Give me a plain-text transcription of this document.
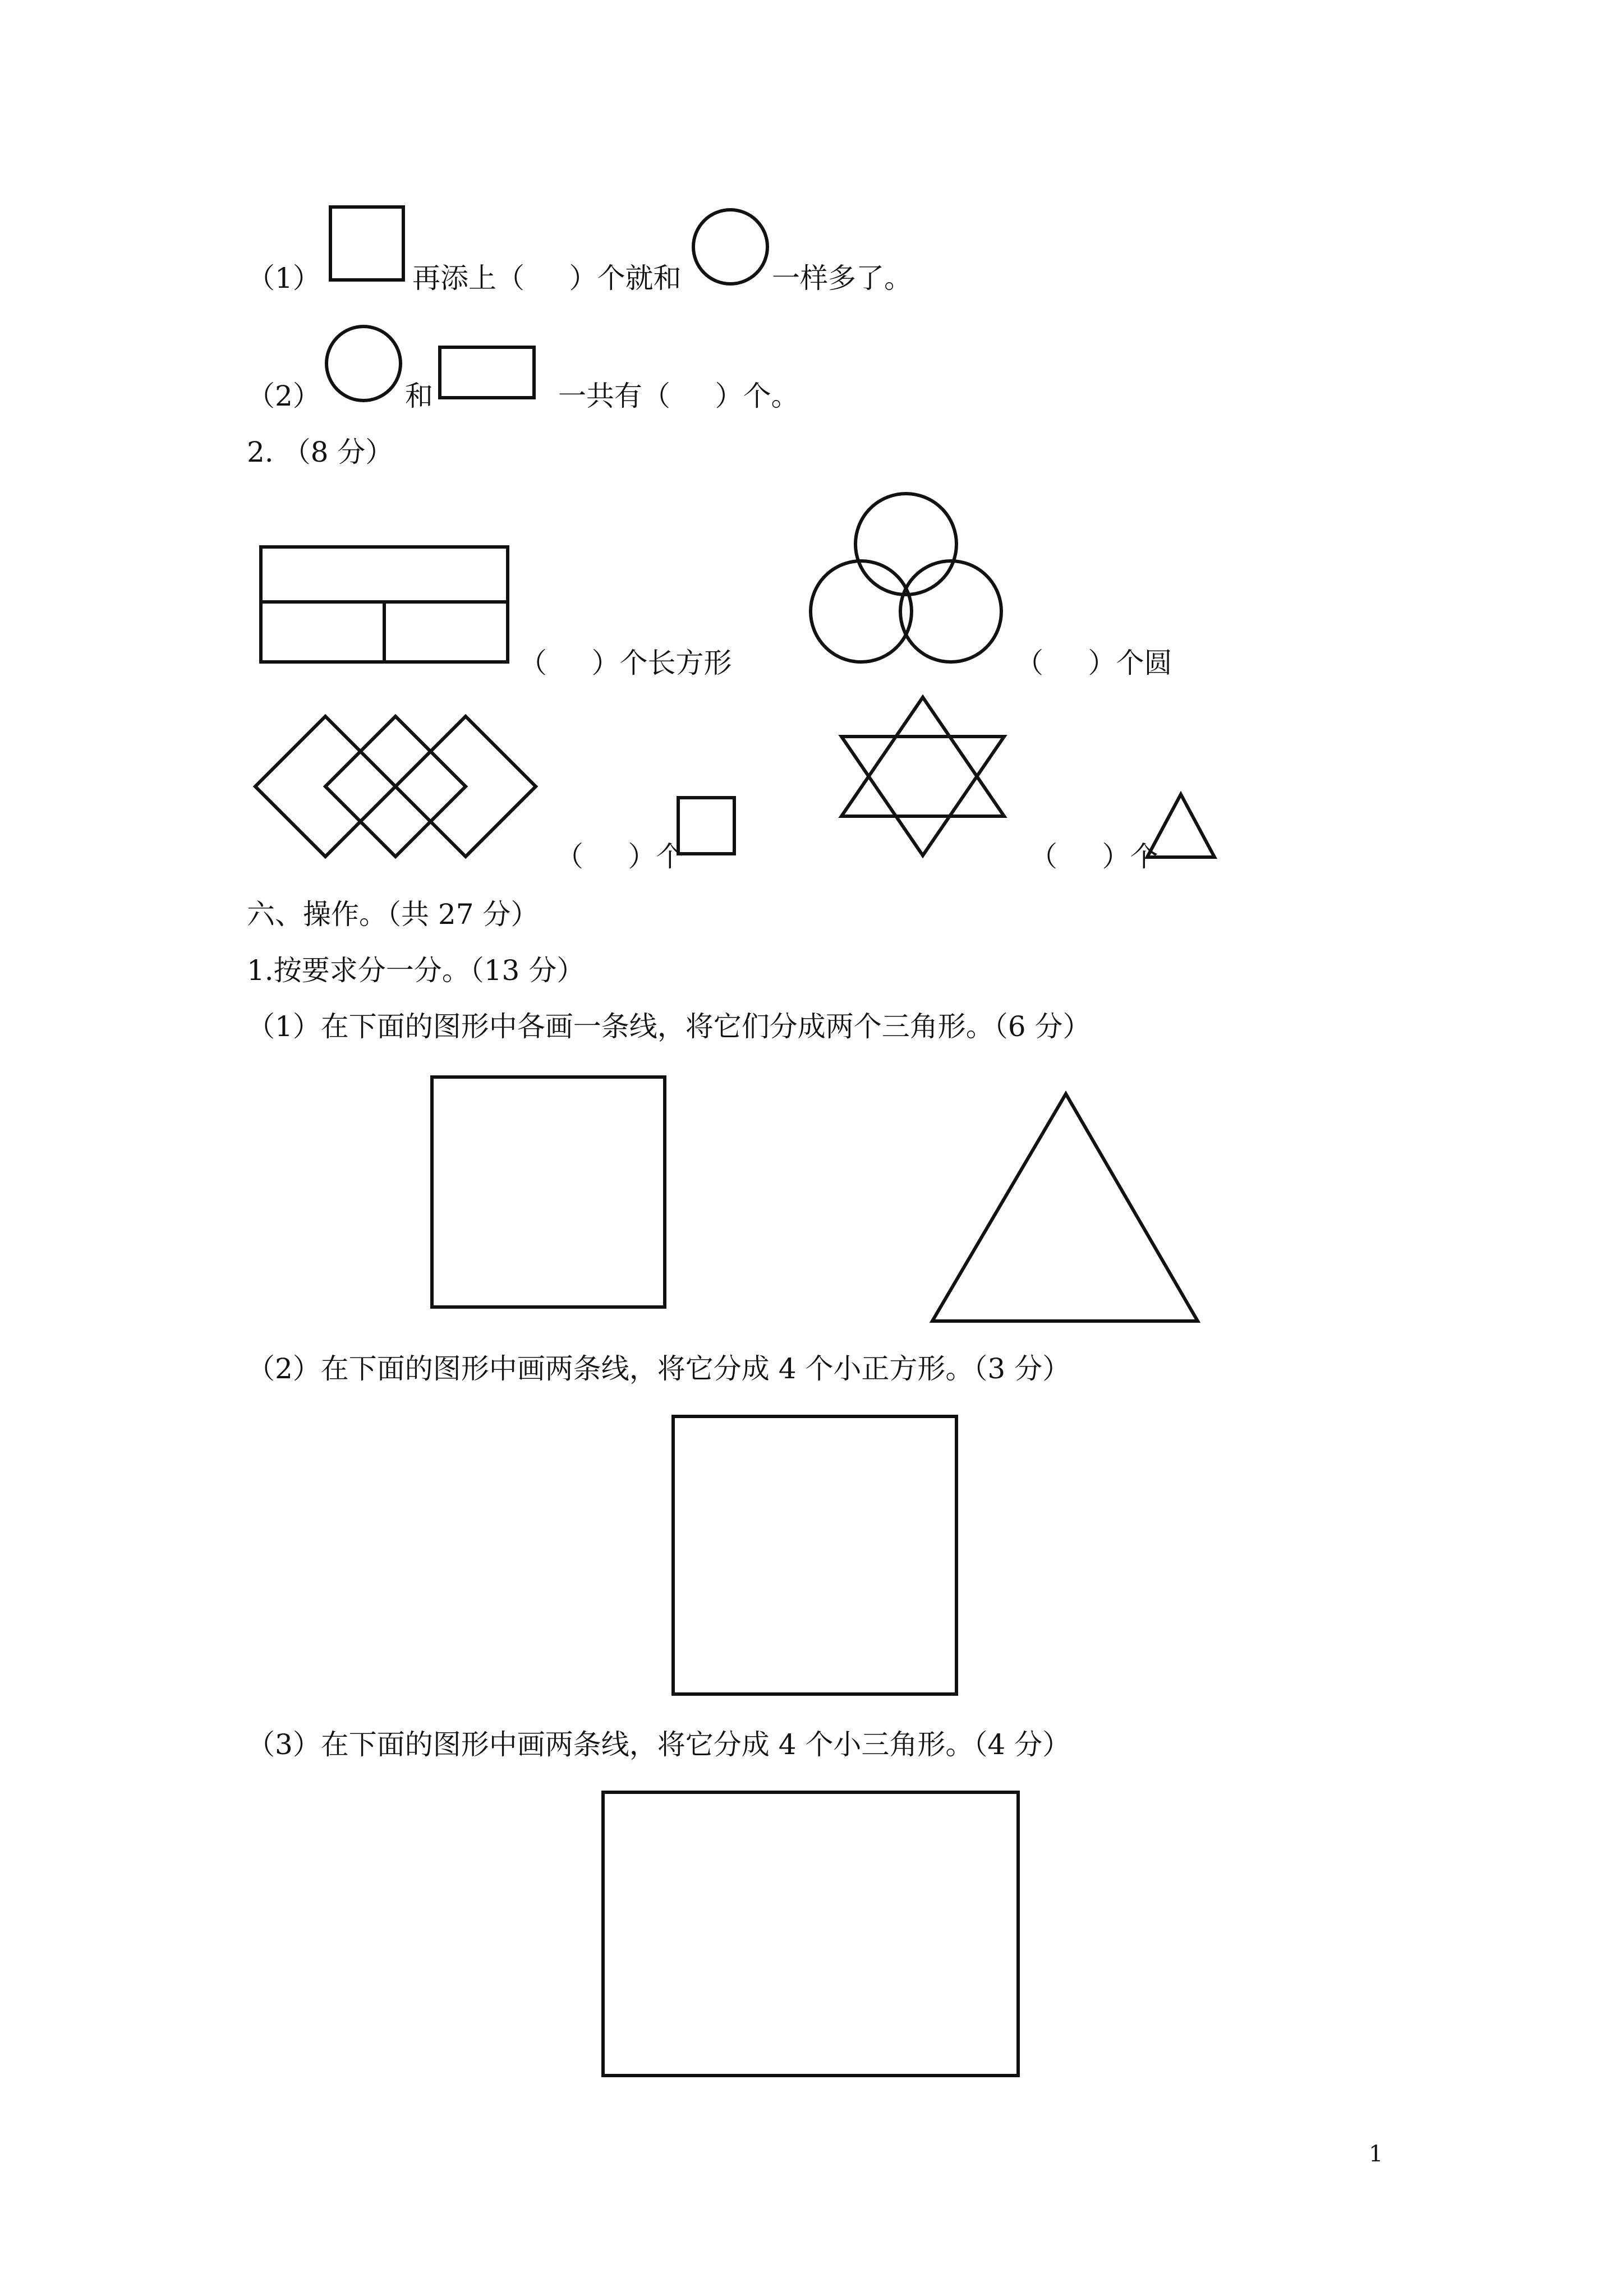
（1）	再添上（     ）个就和	一样多了。
（2）	和	一共有（     ）个。
2. （8 分）
（     ）个长方形	（     ）个圆
（     ）个	（     ）个
六、操作。（共 27 分）
1.按要求分一分。（13 分）
（1）在下面的图形中各画一条线，将它们分成两个三角形。（6 分）
（2）在下面的图形中画两条线，将它分成 4 个小正方形。（3 分）
（3）在下面的图形中画两条线，将它分成 4 个小三角形。（4 分）
1
